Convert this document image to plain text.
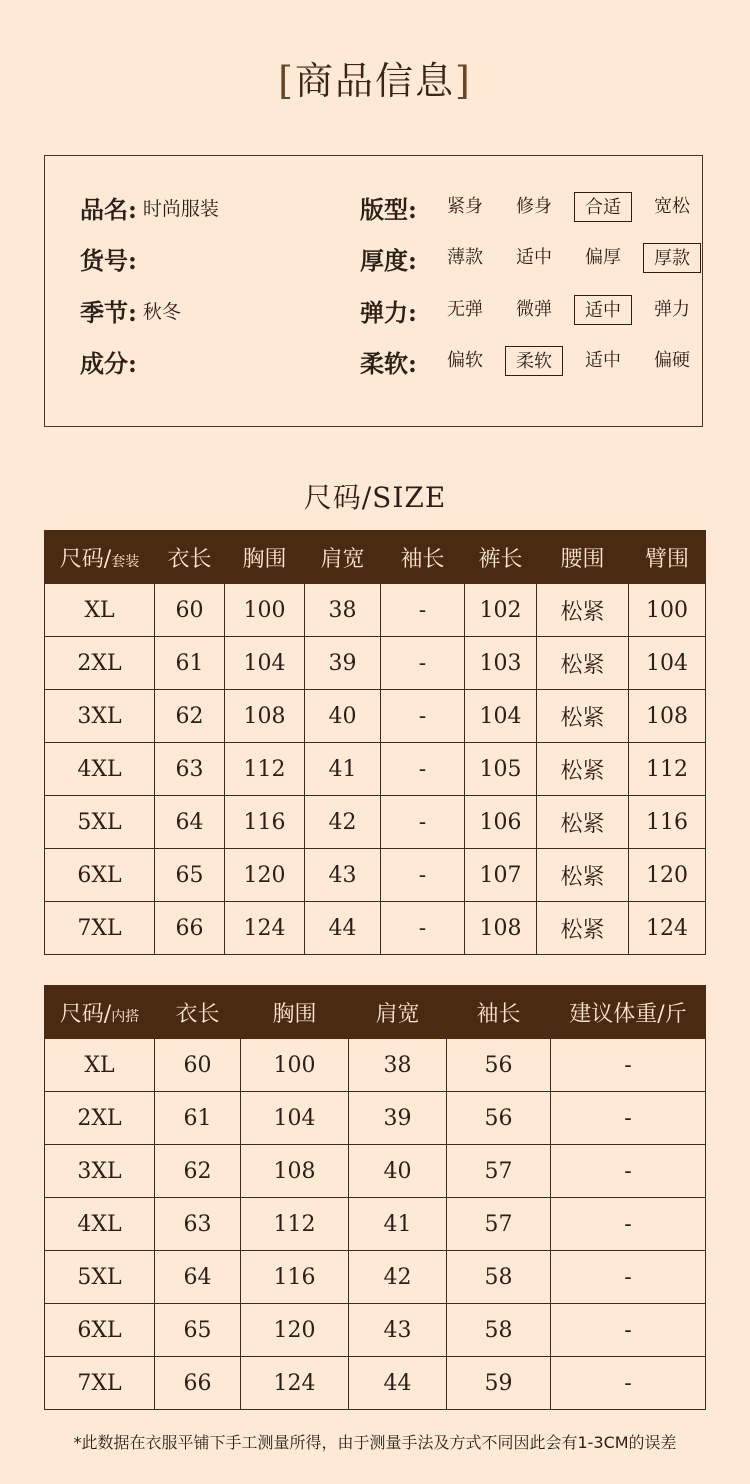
[商品信息]
品名: 时尚服装
货号:
季节: 秋冬
成分:
版型:	紧身	修身	合适	宽松
厚度:	薄款	适中	偏厚	厚款
弹力:	无弹	微弹	适中	弹力
柔软:	偏软	柔软	适中	偏硬
尺码/SIZE
尺码/套装	衣长	胸围	肩宽	袖长	裤长	腰围	臂围
XL	60	100	38	-	102	松紧	100
2XL	61	104	39	-	103	松紧	104
3XL	62	108	40	-	104	松紧	108
4XL	63	112	41	-	105	松紧	112
5XL	64	116	42	-	106	松紧	116
6XL	65	120	43	-	107	松紧	120
7XL	66	124	44	-	108	松紧	124
尺码/内搭	衣长	胸围	肩宽	袖长	建议体重/斤
XL	60	100	38	56	-
2XL	61	104	39	56	-
3XL	62	108	40	57	-
4XL	63	112	41	57	-
5XL	64	116	42	58	-
6XL	65	120	43	58	-
7XL	66	124	44	59	-
*此数据在衣服平铺下手工测量所得，由于测量手法及方式不同因此会有1-3CM的误差
